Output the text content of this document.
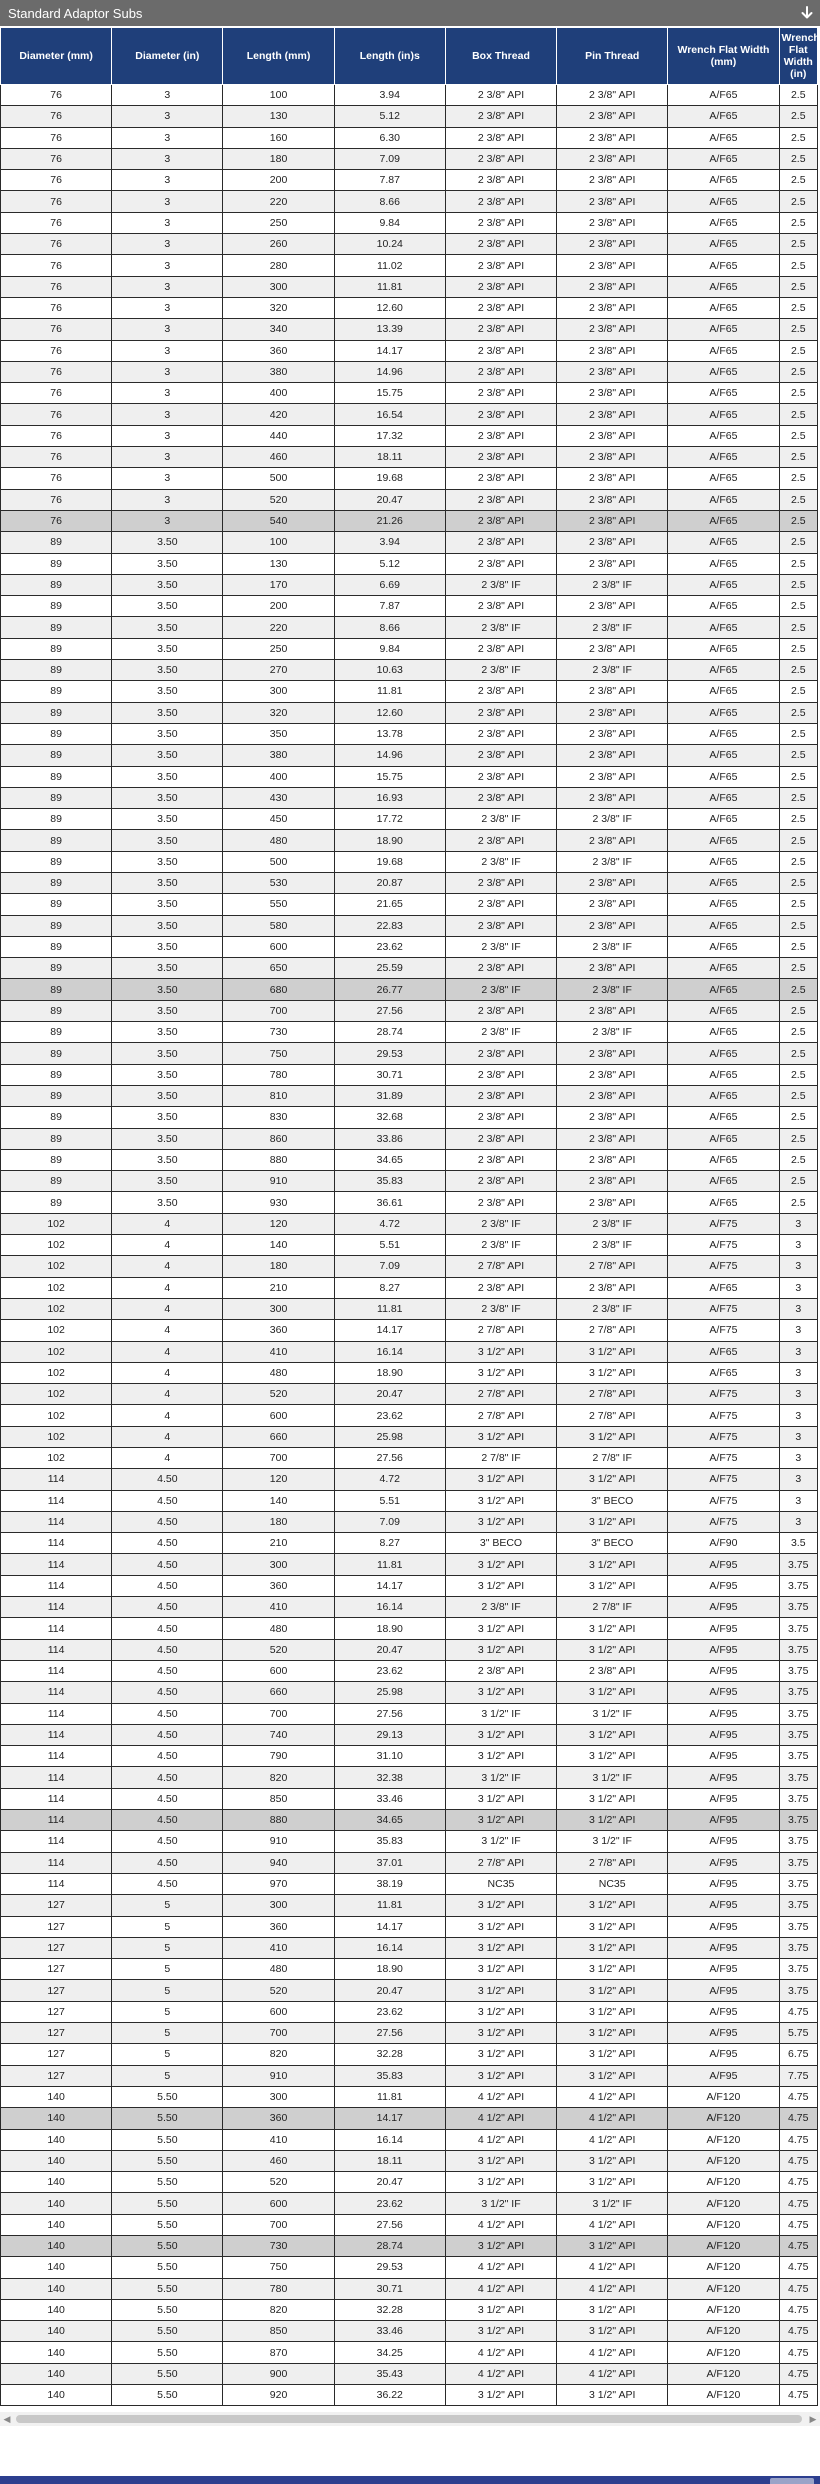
Standard Adaptor Subs
Diameter (mm)	Diameter (in)	Length (mm)	Length (in)s	Box Thread	Pin Thread	Wrench Flat Width (mm)	Wrench Flat Width (in)
76	3	100	3.94	2 3/8" API	2 3/8" API	A/F65	2.5
76	3	130	5.12	2 3/8" API	2 3/8" API	A/F65	2.5
76	3	160	6.30	2 3/8" API	2 3/8" API	A/F65	2.5
76	3	180	7.09	2 3/8" API	2 3/8" API	A/F65	2.5
76	3	200	7.87	2 3/8" API	2 3/8" API	A/F65	2.5
76	3	220	8.66	2 3/8" API	2 3/8" API	A/F65	2.5
76	3	250	9.84	2 3/8" API	2 3/8" API	A/F65	2.5
76	3	260	10.24	2 3/8" API	2 3/8" API	A/F65	2.5
76	3	280	11.02	2 3/8" API	2 3/8" API	A/F65	2.5
76	3	300	11.81	2 3/8" API	2 3/8" API	A/F65	2.5
76	3	320	12.60	2 3/8" API	2 3/8" API	A/F65	2.5
76	3	340	13.39	2 3/8" API	2 3/8" API	A/F65	2.5
76	3	360	14.17	2 3/8" API	2 3/8" API	A/F65	2.5
76	3	380	14.96	2 3/8" API	2 3/8" API	A/F65	2.5
76	3	400	15.75	2 3/8" API	2 3/8" API	A/F65	2.5
76	3	420	16.54	2 3/8" API	2 3/8" API	A/F65	2.5
76	3	440	17.32	2 3/8" API	2 3/8" API	A/F65	2.5
76	3	460	18.11	2 3/8" API	2 3/8" API	A/F65	2.5
76	3	500	19.68	2 3/8" API	2 3/8" API	A/F65	2.5
76	3	520	20.47	2 3/8" API	2 3/8" API	A/F65	2.5
76	3	540	21.26	2 3/8" API	2 3/8" API	A/F65	2.5
89	3.50	100	3.94	2 3/8" API	2 3/8" API	A/F65	2.5
89	3.50	130	5.12	2 3/8" API	2 3/8" API	A/F65	2.5
89	3.50	170	6.69	2 3/8" IF	2 3/8" IF	A/F65	2.5
89	3.50	200	7.87	2 3/8" API	2 3/8" API	A/F65	2.5
89	3.50	220	8.66	2 3/8" IF	2 3/8" IF	A/F65	2.5
89	3.50	250	9.84	2 3/8" API	2 3/8" API	A/F65	2.5
89	3.50	270	10.63	2 3/8" IF	2 3/8" IF	A/F65	2.5
89	3.50	300	11.81	2 3/8" API	2 3/8" API	A/F65	2.5
89	3.50	320	12.60	2 3/8" API	2 3/8" API	A/F65	2.5
89	3.50	350	13.78	2 3/8" API	2 3/8" API	A/F65	2.5
89	3.50	380	14.96	2 3/8" API	2 3/8" API	A/F65	2.5
89	3.50	400	15.75	2 3/8" API	2 3/8" API	A/F65	2.5
89	3.50	430	16.93	2 3/8" API	2 3/8" API	A/F65	2.5
89	3.50	450	17.72	2 3/8" IF	2 3/8" IF	A/F65	2.5
89	3.50	480	18.90	2 3/8" API	2 3/8" API	A/F65	2.5
89	3.50	500	19.68	2 3/8" IF	2 3/8" IF	A/F65	2.5
89	3.50	530	20.87	2 3/8" API	2 3/8" API	A/F65	2.5
89	3.50	550	21.65	2 3/8" API	2 3/8" API	A/F65	2.5
89	3.50	580	22.83	2 3/8" API	2 3/8" API	A/F65	2.5
89	3.50	600	23.62	2 3/8" IF	2 3/8" IF	A/F65	2.5
89	3.50	650	25.59	2 3/8" API	2 3/8" API	A/F65	2.5
89	3.50	680	26.77	2 3/8" IF	2 3/8" IF	A/F65	2.5
89	3.50	700	27.56	2 3/8" API	2 3/8" API	A/F65	2.5
89	3.50	730	28.74	2 3/8" IF	2 3/8" IF	A/F65	2.5
89	3.50	750	29.53	2 3/8" API	2 3/8" API	A/F65	2.5
89	3.50	780	30.71	2 3/8" API	2 3/8" API	A/F65	2.5
89	3.50	810	31.89	2 3/8" API	2 3/8" API	A/F65	2.5
89	3.50	830	32.68	2 3/8" API	2 3/8" API	A/F65	2.5
89	3.50	860	33.86	2 3/8" API	2 3/8" API	A/F65	2.5
89	3.50	880	34.65	2 3/8" API	2 3/8" API	A/F65	2.5
89	3.50	910	35.83	2 3/8" API	2 3/8" API	A/F65	2.5
89	3.50	930	36.61	2 3/8" API	2 3/8" API	A/F65	2.5
102	4	120	4.72	2 3/8" IF	2 3/8" IF	A/F75	3
102	4	140	5.51	2 3/8" IF	2 3/8" IF	A/F75	3
102	4	180	7.09	2 7/8" API	2 7/8" API	A/F75	3
102	4	210	8.27	2 3/8" API	2 3/8" API	A/F65	3
102	4	300	11.81	2 3/8" IF	2 3/8" IF	A/F75	3
102	4	360	14.17	2 7/8" API	2 7/8" API	A/F75	3
102	4	410	16.14	3 1/2" API	3 1/2" API	A/F65	3
102	4	480	18.90	3 1/2" API	3 1/2" API	A/F65	3
102	4	520	20.47	2 7/8" API	2 7/8" API	A/F75	3
102	4	600	23.62	2 7/8" API	2 7/8" API	A/F75	3
102	4	660	25.98	3 1/2" API	3 1/2" API	A/F75	3
102	4	700	27.56	2 7/8" IF	2 7/8" IF	A/F75	3
114	4.50	120	4.72	3 1/2" API	3 1/2" API	A/F75	3
114	4.50	140	5.51	3 1/2" API	3" BECO	A/F75	3
114	4.50	180	7.09	3 1/2" API	3 1/2" API	A/F75	3
114	4.50	210	8.27	3" BECO	3" BECO	A/F90	3.5
114	4.50	300	11.81	3 1/2" API	3 1/2" API	A/F95	3.75
114	4.50	360	14.17	3 1/2" API	3 1/2" API	A/F95	3.75
114	4.50	410	16.14	2 3/8" IF	2 7/8" IF	A/F95	3.75
114	4.50	480	18.90	3 1/2" API	3 1/2" API	A/F95	3.75
114	4.50	520	20.47	3 1/2" API	3 1/2" API	A/F95	3.75
114	4.50	600	23.62	2 3/8" API	2 3/8" API	A/F95	3.75
114	4.50	660	25.98	3 1/2" API	3 1/2" API	A/F95	3.75
114	4.50	700	27.56	3 1/2" IF	3 1/2" IF	A/F95	3.75
114	4.50	740	29.13	3 1/2" API	3 1/2" API	A/F95	3.75
114	4.50	790	31.10	3 1/2" API	3 1/2" API	A/F95	3.75
114	4.50	820	32.38	3 1/2" IF	3 1/2" IF	A/F95	3.75
114	4.50	850	33.46	3 1/2" API	3 1/2" API	A/F95	3.75
114	4.50	880	34.65	3 1/2" API	3 1/2" API	A/F95	3.75
114	4.50	910	35.83	3 1/2" IF	3 1/2" IF	A/F95	3.75
114	4.50	940	37.01	2 7/8" API	2 7/8" API	A/F95	3.75
114	4.50	970	38.19	NC35	NC35	A/F95	3.75
127	5	300	11.81	3 1/2" API	3 1/2" API	A/F95	3.75
127	5	360	14.17	3 1/2" API	3 1/2" API	A/F95	3.75
127	5	410	16.14	3 1/2" API	3 1/2" API	A/F95	3.75
127	5	480	18.90	3 1/2" API	3 1/2" API	A/F95	3.75
127	5	520	20.47	3 1/2" API	3 1/2" API	A/F95	3.75
127	5	600	23.62	3 1/2" API	3 1/2" API	A/F95	4.75
127	5	700	27.56	3 1/2" API	3 1/2" API	A/F95	5.75
127	5	820	32.28	3 1/2" API	3 1/2" API	A/F95	6.75
127	5	910	35.83	3 1/2" API	3 1/2" API	A/F95	7.75
140	5.50	300	11.81	4 1/2" API	4 1/2" API	A/F120	4.75
140	5.50	360	14.17	4 1/2" API	4 1/2" API	A/F120	4.75
140	5.50	410	16.14	4 1/2" API	4 1/2" API	A/F120	4.75
140	5.50	460	18.11	3 1/2" API	3 1/2" API	A/F120	4.75
140	5.50	520	20.47	3 1/2" API	3 1/2" API	A/F120	4.75
140	5.50	600	23.62	3 1/2" IF	3 1/2" IF	A/F120	4.75
140	5.50	700	27.56	4 1/2" API	4 1/2" API	A/F120	4.75
140	5.50	730	28.74	3 1/2" API	3 1/2" API	A/F120	4.75
140	5.50	750	29.53	4 1/2" API	4 1/2" API	A/F120	4.75
140	5.50	780	30.71	4 1/2" API	4 1/2" API	A/F120	4.75
140	5.50	820	32.28	3 1/2" API	3 1/2" API	A/F120	4.75
140	5.50	850	33.46	3 1/2" API	3 1/2" API	A/F120	4.75
140	5.50	870	34.25	4 1/2" API	4 1/2" API	A/F120	4.75
140	5.50	900	35.43	4 1/2" API	4 1/2" API	A/F120	4.75
140	5.50	920	36.22	3 1/2" API	3 1/2" API	A/F120	4.75
◀	▶
